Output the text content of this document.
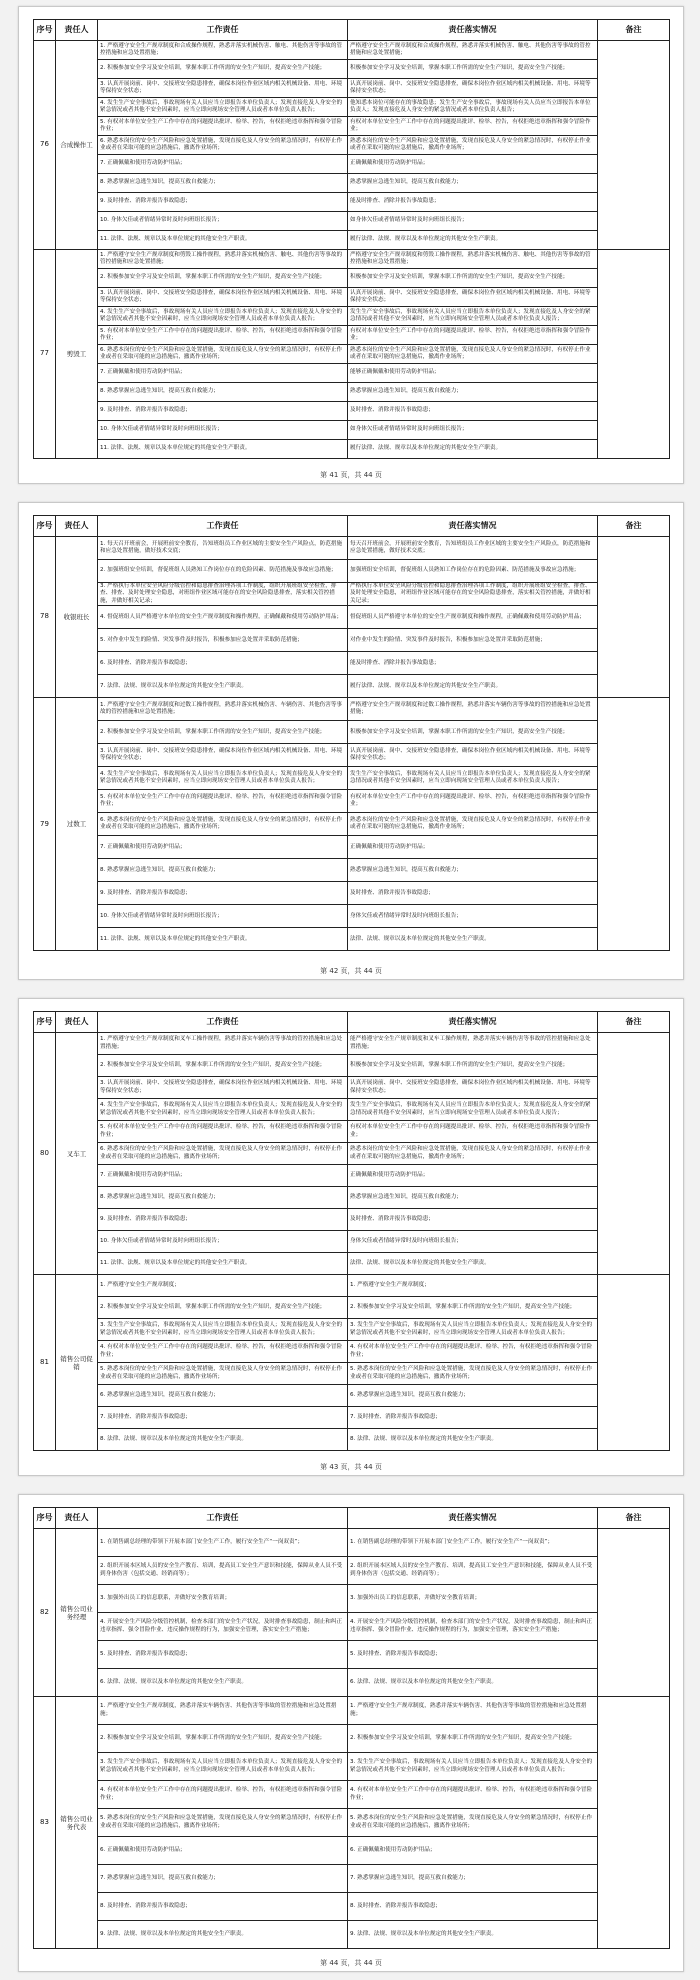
序号	责任人	工作责任	责任落实情况	备注
76	合成操作工	1. 严格遵守安全生产规章制度和合成操作规程，熟悉并落实机械伤害、触电、其他伤害等事故的管控措施和应急处置措施；	严格遵守安全生产规章制度和合成操作规程，熟悉并落实机械伤害、触电、其他伤害等事故的管控措施和应急处置措施；	
		2. 积极参加安全学习及安全培训，掌握本职工作所需的安全生产知识，提高安全生产技能；	积极参加安全学习及安全培训，掌握本职工作所需的安全生产知识，提高安全生产技能；	
		3. 认真开展岗前、岗中、交接班安全隐患排查，确保本岗位作业区域内相关机械设备、用电、环境等保持安全状态；	认真开展岗前、岗中、交接班安全隐患排查，确保本岗位作业区域内相关机械设备、用电、环境等保持安全状态；	
		4. 发生生产安全事故后，事故现场有关人员应当立即报告本单位负责人；发现直接危及人身安全的紧急情况或者其他不安全因素时，应当立即向现场安全管理人员或者本单位负责人报告；	他知悉本岗位可能存在的事故隐患；发生生产安全事故后，事故现场有关人员应当立即报告本单位负责人；发现直接危及人身安全的紧急情况或者本单位负责人报告；	
		5. 有权对本单位安全生产工作中存在的问题提出批评、检举、控告，有权拒绝违章指挥和强令冒险作业；	有权对本单位安全生产工作中存在的问题提出批评、检举、控告，有权拒绝违章指挥和强令冒险作业；	
		6. 熟悉本岗位的安全生产风险和应急处置措施，发现直接危及人身安全的紧急情况时，有权停止作业或者在采取可能的应急措施后，撤离作业场所；	熟悉本岗位的安全生产风险和应急处置措施，发现直接危及人身安全的紧急情况时，有权停止作业或者在采取可能的应急措施后，撤离作业场所；	
		7. 正确佩戴和使用劳动防护用品；	正确佩戴和使用劳动防护用品；	
		8. 熟悉掌握应急逃生知识，提高互救自救能力；	熟悉掌握应急逃生知识，提高互救自救能力；	
		9. 及时排查、消除并报告事故隐患；	能及时排查、消除并报告事故隐患；	
		10. 身体欠佳或者情绪异常时及时向班组长报告；	如身体欠佳或者情绪异常时及时向班组长报告；	
		11. 法律、法规、规章以及本单位规定的其他安全生产职责。	履行法律、法规、规章以及本单位规定的其他安全生产职责。	
77	剪毁工	1. 严格遵守安全生产规章制度和剪毁工操作规程，熟悉并落实机械伤害、触电、其他伤害等事故的管控措施和应急处置措施；	严格遵守安全生产规章制度和剪毁工操作规程，熟悉并落实机械伤害、触电、其他伤害等事故的管控措施和应急处置措施；	
		2. 积极参加安全学习及安全培训，掌握本职工作所需的安全生产知识，提高安全生产技能；	积极参加安全学习及安全培训，掌握本职工作所需的安全生产知识，提高安全生产技能；	
		3. 认真开展岗前、岗中、交接班安全隐患排查，确保本岗位作业区域内相关机械设备、用电、环境等保持安全状态；	认真开展岗前、岗中、交接班安全隐患排查，确保本岗位作业区域内相关机械设备、用电、环境等保持安全状态；	
		4. 发生生产安全事故后，事故现场有关人员应当立即报告本单位负责人；发现直接危及人身安全的紧急情况或者其他不安全因素时，应当立即向现场安全管理人员或者本单位负责人报告；	发生生产安全事故后，事故现场有关人员应当立即报告本单位负责人；发现直接危及人身安全的紧急情况或者其他不安全因素时，应当立即向现场安全管理人员或者本单位负责人报告；	
		5. 有权对本单位安全生产工作中存在的问题提出批评、检举、控告，有权拒绝违章指挥和强令冒险作业；	有权对本单位安全生产工作中存在的问题提出批评、检举、控告，有权拒绝违章指挥和强令冒险作业；	
		6. 熟悉本岗位的安全生产风险和应急处置措施，发现直接危及人身安全的紧急情况时，有权停止作业或者在采取可能的应急措施后，撤离作业场所；	熟悉本岗位的安全生产风险和应急处置措施，发现直接危及人身安全的紧急情况时，有权停止作业或者在采取可能的应急措施后，撤离作业场所；	
		7. 正确佩戴和使用劳动防护用品；	能够正确佩戴和使用劳动防护用品；	
		8. 熟悉掌握应急逃生知识，提高互救自救能力；	熟悉掌握应急逃生知识，提高互救自救能力；	
		9. 及时排查、消除并报告事故隐患；	及时排查、消除并报告事故隐患；	
		10. 身体欠佳或者情绪异常时及时向班组长报告；	如身体欠佳或者情绪异常时及时向班组长报告；	
		11. 法律、法规、规章以及本单位规定的其他安全生产职责。	履行法律、法规、规章以及本单位规定的其他安全生产职责。	
第 41 页，共 44 页
序号	责任人	工作责任	责任落实情况	备注
78	收银班长	1. 每天召开班前会，开展班前安全教育，告知班组员工作业区域的主要安全生产风险点，防范措施和应急处置措施，做好技术交底；	每天召开班前会，开展班前安全教育，告知班组员工作业区域的主要安全生产风险点，防范措施和应急处置措施，做好技术交底；	
		2. 加强班组安全培训，督促班组人员熟知工作岗位存在的危险因素、防范措施及事故应急措施；	加强班组安全培训，督促班组人员熟知工作岗位存在的危险因素、防范措施及事故应急措施；	
		3. 严格执行本单位安全风险分级管控和隐患排查治理各项工作制度，组织开展班组安全检查，排查、排查、及时处理安全隐患，对班组作业区域可能存在的安全风险隐患排查，落实相关管控措施，并做好相关记录；	严格执行本单位安全风险分级管控和隐患排查治理各项工作制度，组织开展班组安全检查，排查、及时处理安全隐患，对班组作业区域可能存在的安全风险隐患排查，落实相关管控措施，并做好相关记录；	
		4. 督促班组人员严格遵守本单位的安全生产规章制度和操作规程，正确佩戴和使用劳动防护用品；	督促班组人员严格遵守本单位的安全生产规章制度和操作规程，正确佩戴和使用劳动防护用品；	
		5. 对作业中发生的险情、突发事件及时报告，积极参加应急处置并采取防范措施；	对作业中发生的险情、突发事件及时报告，积极参加应急处置并采取防范措施；	
		6. 及时排查、消除并报告事故隐患；	能及时排查、消除并报告事故隐患；	
		7. 法律、法规、规章以及本单位规定的其他安全生产职责。	履行法律、法规、规章以及本单位规定的其他安全生产职责。	
79	过数工	1. 严格遵守安全生产规章制度和过数工操作规程，熟悉并落实机械伤害、车辆伤害、其他伤害等事故的管控措施和应急处置措施；	严格遵守安全生产规章制度和过数工操作规程，熟悉并落实车辆伤害等事故的管控措施和应急处置措施；	
		2. 积极参加安全学习及安全培训，掌握本职工作所需的安全生产知识，提高安全生产技能；	积极参加安全学习及安全培训，掌握本职工作所需的安全生产知识，提高安全生产技能；	
		3. 认真开展岗前、岗中、交接班安全隐患排查，确保本岗位作业区域内相关机械设备、用电、环境等保持安全状态；	认真开展岗前、岗中、交接班安全隐患排查，确保本岗位作业区域内相关机械设备、用电、环境等保持安全状态；	
		4. 发生生产安全事故后，事故现场有关人员应当立即报告本单位负责人；发现直接危及人身安全的紧急情况或者其他不安全因素时，应当立即向现场安全管理人员或者本单位负责人报告；	发生生产安全事故后，事故现场有关人员应当立即报告本单位负责人；发现直接危及人身安全的紧急情况或者其他不安全因素时，应当立即向现场安全管理人员或者本单位负责人报告；	
		5. 有权对本单位安全生产工作中存在的问题提出批评、检举、控告，有权拒绝违章指挥和强令冒险作业；	有权对本单位安全生产工作中存在的问题提出批评、检举、控告，有权拒绝违章指挥和强令冒险作业；	
		6. 熟悉本岗位的安全生产风险和应急处置措施，发现直接危及人身安全的紧急情况时，有权停止作业或者在采取可能的应急措施后，撤离作业场所；	熟悉本岗位的安全生产风险和应急处置措施，发现直接危及人身安全的紧急情况时，有权停止作业或者在采取可能的应急措施后，撤离作业场所；	
		7. 正确佩戴和使用劳动防护用品；	正确佩戴和使用劳动防护用品；	
		8. 熟悉掌握应急逃生知识，提高互救自救能力；	熟悉掌握应急逃生知识，提高互救自救能力；	
		9. 及时排查、消除并报告事故隐患；	及时排查、消除并报告事故隐患；	
		10. 身体欠佳或者情绪异常时及时向班组长报告；	身体欠佳或者情绪异常时及时向班组长报告；	
		11. 法律、法规、规章以及本单位规定的其他安全生产职责。	法律、法规、规章以及本单位规定的其他安全生产职责。	
第 42 页，共 44 页
序号	责任人	工作责任	责任落实情况	备注
80	叉车工	1. 严格遵守安全生产规章制度和叉车工操作规程，熟悉并落实车辆伤害等事故的管控措施和应急处置措施；	能严格遵守安全生产规章制度和叉车工操作规程，熟悉并落实车辆伤害等事故的管控措施和应急处置措施；	
		2. 积极参加安全学习及安全培训，掌握本职工作所需的安全生产知识，提高安全生产技能；	积极参加安全学习及安全培训，掌握本职工作所需的安全生产知识，提高安全生产技能；	
		3. 认真开展岗前、岗中、交接班安全隐患排查，确保本岗位作业区域内相关机械设备、用电、环境等保持安全状态；	认真开展岗前、岗中、交接班安全隐患排查，确保本岗位作业区域内相关机械设备、用电、环境等保持安全状态；	
		4. 发生生产安全事故后，事故现场有关人员应当立即报告本单位负责人；发现直接危及人身安全的紧急情况或者其他不安全因素时，应当立即向现场安全管理人员或者本单位负责人报告；	发生生产安全事故后，事故现场有关人员应当立即报告本单位负责人；发现直接危及人身安全的紧急情况或者其他不安全因素时，应当立即向现场安全管理人员或者本单位负责人报告；	
		5. 有权对本单位安全生产工作中存在的问题提出批评、检举、控告，有权拒绝违章指挥和强令冒险作业；	有权对本单位安全生产工作中存在的问题提出批评、检举、控告，有权拒绝违章指挥和强令冒险作业；	
		6. 熟悉本岗位的安全生产风险和应急处置措施，发现直接危及人身安全的紧急情况时，有权停止作业或者在采取可能的应急措施后，撤离作业场所；	熟悉本岗位的安全生产风险和应急处置措施，发现直接危及人身安全的紧急情况时，有权停止作业或者在采取可能的应急措施后，撤离作业场所；	
		7. 正确佩戴和使用劳动防护用品；	正确佩戴和使用劳动防护用品；	
		8. 熟悉掌握应急逃生知识，提高互救自救能力；	熟悉掌握应急逃生知识，提高互救自救能力；	
		9. 及时排查、消除并报告事故隐患；	及时排查、消除并报告事故隐患；	
		10. 身体欠佳或者情绪异常时及时向班组长报告；	身体欠佳或者情绪异常时及时向班组长报告；	
		11. 法律、法规、规章以及本单位规定的其他安全生产职责。	法律、法规、规章以及本单位规定的其他安全生产职责。	
81	销售公司促销	1. 严格遵守安全生产规章制度；	1. 严格遵守安全生产规章制度；	
		2. 积极参加安全学习及安全培训，掌握本职工作所需的安全生产知识，提高安全生产技能；	2. 积极参加安全学习及安全培训，掌握本职工作所需的安全生产知识，提高安全生产技能；	
		3. 发生生产安全事故后，事故现场有关人员应当立即报告本单位负责人；发现直接危及人身安全的紧急情况或者其他不安全因素时，应当立即向现场安全管理人员或者本单位负责人报告；	3. 发生生产安全事故后，事故现场有关人员应当立即报告本单位负责人；发现直接危及人身安全的紧急情况或者其他不安全因素时，应当立即向现场安全管理人员或者本单位负责人报告；	
		4. 有权对本单位安全生产工作中存在的问题提出批评、检举、控告，有权拒绝违章指挥和强令冒险作业；	4. 有权对本单位安全生产工作中存在的问题提出批评、检举、控告，有权拒绝违章指挥和强令冒险作业；	
		5. 熟悉本岗位的安全生产风险和应急处置措施，发现直接危及人身安全的紧急情况时，有权停止作业或者在采取可能的应急措施后，撤离作业场所；	5. 熟悉本岗位的安全生产风险和应急处置措施，发现直接危及人身安全的紧急情况时，有权停止作业或者在采取可能的应急措施后，撤离作业场所；	
		6. 熟悉掌握应急逃生知识，提高互救自救能力；	6. 熟悉掌握应急逃生知识，提高互救自救能力；	
		7. 及时排查、消除并报告事故隐患；	7. 及时排查、消除并报告事故隐患；	
		8. 法律、法规、规章以及本单位规定的其他安全生产职责。	8. 法律、法规、规章以及本单位规定的其他安全生产职责。	
第 43 页，共 44 页
序号	责任人	工作责任	责任落实情况	备注
82	销售公司业务经理	1. 在销售副总经理的带领下开展本部门安全生产工作，履行安全生产“一岗双责”；	1. 在销售副总经理的带领下开展本部门安全生产工作，履行安全生产“一岗双责”；	
		2. 组织开展本区域人员的安全生产教育、培训，提高员工安全生产意识和技能，保障从业人员不受到身体伤害（包括交通、经销商等）；	2. 组织开展本区域人员的安全生产教育、培训，提高员工安全生产意识和技能，保障从业人员不受到身体伤害（包括交通、经销商等）；	
		3. 加强外出员工的信息联系，并做好安全教育培训；	3. 加强外出员工的信息联系，并做好安全教育培训；	
		4. 开展安全生产风险分级管控机制，检查本部门的安全生产状况，及时排查事故隐患，制止和纠正违章指挥、强令冒险作业、违反操作规程的行为，加强安全管理，落实安全生产措施；	4. 开展安全生产风险分级管控机制，检查本部门的安全生产状况，及时排查事故隐患，制止和纠正违章指挥、强令冒险作业、违反操作规程的行为，加强安全管理，落实安全生产措施；	
		5. 及时排查、消除并报告事故隐患；	5. 及时排查、消除并报告事故隐患；	
		6. 法律、法规、规章以及本单位规定的其他安全生产职责。	6. 法律、法规、规章以及本单位规定的其他安全生产职责。	
83	销售公司业务代表	1. 严格遵守安全生产规章制度，熟悉并落实车辆伤害、其他伤害等事故的管控措施和应急处置措施；	1. 严格遵守安全生产规章制度，熟悉并落实车辆伤害、其他伤害等事故的管控措施和应急处置措施；	
		2. 积极参加安全学习及安全培训，掌握本职工作所需的安全生产知识，提高安全生产技能；	2. 积极参加安全学习及安全培训，掌握本职工作所需的安全生产知识，提高安全生产技能；	
		3. 发生生产安全事故后，事故现场有关人员应当立即报告本单位负责人；发现直接危及人身安全的紧急情况或者其他不安全因素时，应当立即向现场安全管理人员或者本单位负责人报告；	3. 发生生产安全事故后，事故现场有关人员应当立即报告本单位负责人；发现直接危及人身安全的紧急情况或者其他不安全因素时，应当立即向现场安全管理人员或者本单位负责人报告；	
		4. 有权对本单位安全生产工作中存在的问题提出批评、检举、控告，有权拒绝违章指挥和强令冒险作业；	4. 有权对本单位安全生产工作中存在的问题提出批评、检举、控告，有权拒绝违章指挥和强令冒险作业；	
		5. 熟悉本岗位的安全生产风险和应急处置措施，发现直接危及人身安全的紧急情况时，有权停止作业或者在采取可能的应急措施后，撤离作业场所；	5. 熟悉本岗位的安全生产风险和应急处置措施，发现直接危及人身安全的紧急情况时，有权停止作业或者在采取可能的应急措施后，撤离作业场所；	
		6. 正确佩戴和使用劳动防护用品；	6. 正确佩戴和使用劳动防护用品；	
		7. 熟悉掌握应急逃生知识，提高互救自救能力；	7. 熟悉掌握应急逃生知识，提高互救自救能力；	
		8. 及时排查、消除并报告事故隐患；	8. 及时排查、消除并报告事故隐患；	
		9. 法律、法规、规章以及本单位规定的其他安全生产职责。	9. 法律、法规、规章以及本单位规定的其他安全生产职责。	
第 44 页，共 44 页
